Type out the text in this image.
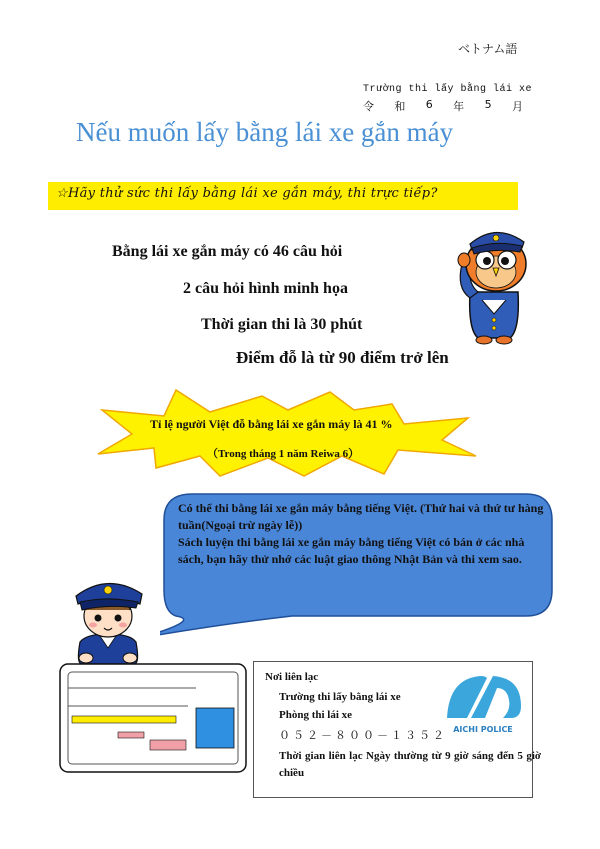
ベトナム語
Trường thi lấy bằng lái xe
令 和 6 年 5 月
Nếu muốn lấy bằng lái xe gắn máy
☆Hãy thử sức thi lấy bằng lái xe gắn máy, thi trực tiếp?
Bằng lái xe gắn máy có 46 câu hỏi
2 câu hỏi hình minh họa
Thời gian thi là 30 phút
Điểm đỗ là từ 90 điểm trở lên
Tỉ lệ người Việt đỗ bằng lái xe gắn máy là 41 %
（Trong tháng 1 năm Reiwa 6）

Có thể thi bằng lái xe gắn máy bằng tiếng Việt. (Thứ hai và thứ tư hàng tuần(Ngoại trừ ngày lễ))

Sách luyện thi bằng lái xe gắn máy bằng tiếng Việt có bán ở các nhà sách, bạn hãy thử nhớ các luật giao thông Nhật Bản và thi xem sao.

Nơi liên lạc
Trường thi lấy bằng lái xe
Phòng thi lái xe
０５２－８００－１３５２
Thời gian liên lạc Ngày thường từ 9 giờ sáng đến 5 giờ chiều
AICHI POLICE
